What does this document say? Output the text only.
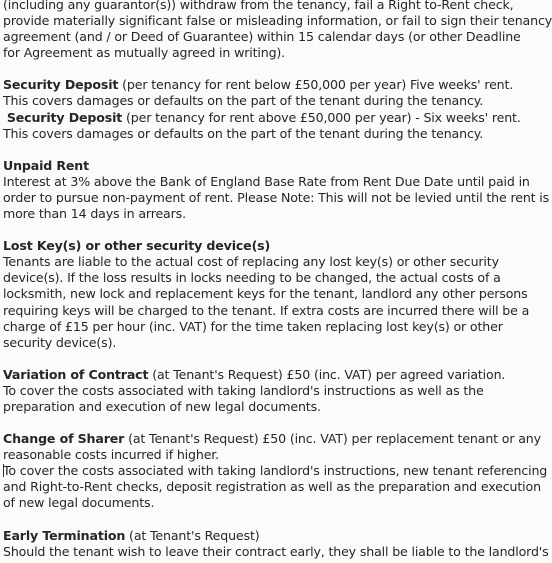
(including any guarantor(s)) withdraw from the tenancy, fail a Right to-Rent check,
provide materially significant false or misleading information, or fail to sign their tenancy
agreement (and / or Deed of Guarantee) within 15 calendar days (or other Deadline
for Agreement as mutually agreed in writing).
Security Deposit (per tenancy for rent below £50,000 per year) Five weeks' rent.
This covers damages or defaults on the part of the tenant during the tenancy.
Security Deposit (per tenancy for rent above £50,000 per year) - Six weeks' rent.
This covers damages or defaults on the part of the tenant during the tenancy.
Unpaid Rent
Interest at 3% above the Bank of England Base Rate from Rent Due Date until paid in
order to pursue non-payment of rent. Please Note: This will not be levied until the rent is
more than 14 days in arrears.
Lost Key(s) or other security device(s)
Tenants are liable to the actual cost of replacing any lost key(s) or other security
device(s). If the loss results in locks needing to be changed, the actual costs of a
locksmith, new lock and replacement keys for the tenant, landlord any other persons
requiring keys will be charged to the tenant. If extra costs are incurred there will be a
charge of £15 per hour (inc. VAT) for the time taken replacing lost key(s) or other
security device(s).
Variation of Contract (at Tenant's Request) £50 (inc. VAT) per agreed variation.
To cover the costs associated with taking landlord's instructions as well as the
preparation and execution of new legal documents.
Change of Sharer (at Tenant's Request) £50 (inc. VAT) per replacement tenant or any
reasonable costs incurred if higher.
To cover the costs associated with taking landlord's instructions, new tenant referencing
and Right-to-Rent checks, deposit registration as well as the preparation and execution
of new legal documents.
Early Termination (at Tenant's Request)
Should the tenant wish to leave their contract early, they shall be liable to the landlord's
